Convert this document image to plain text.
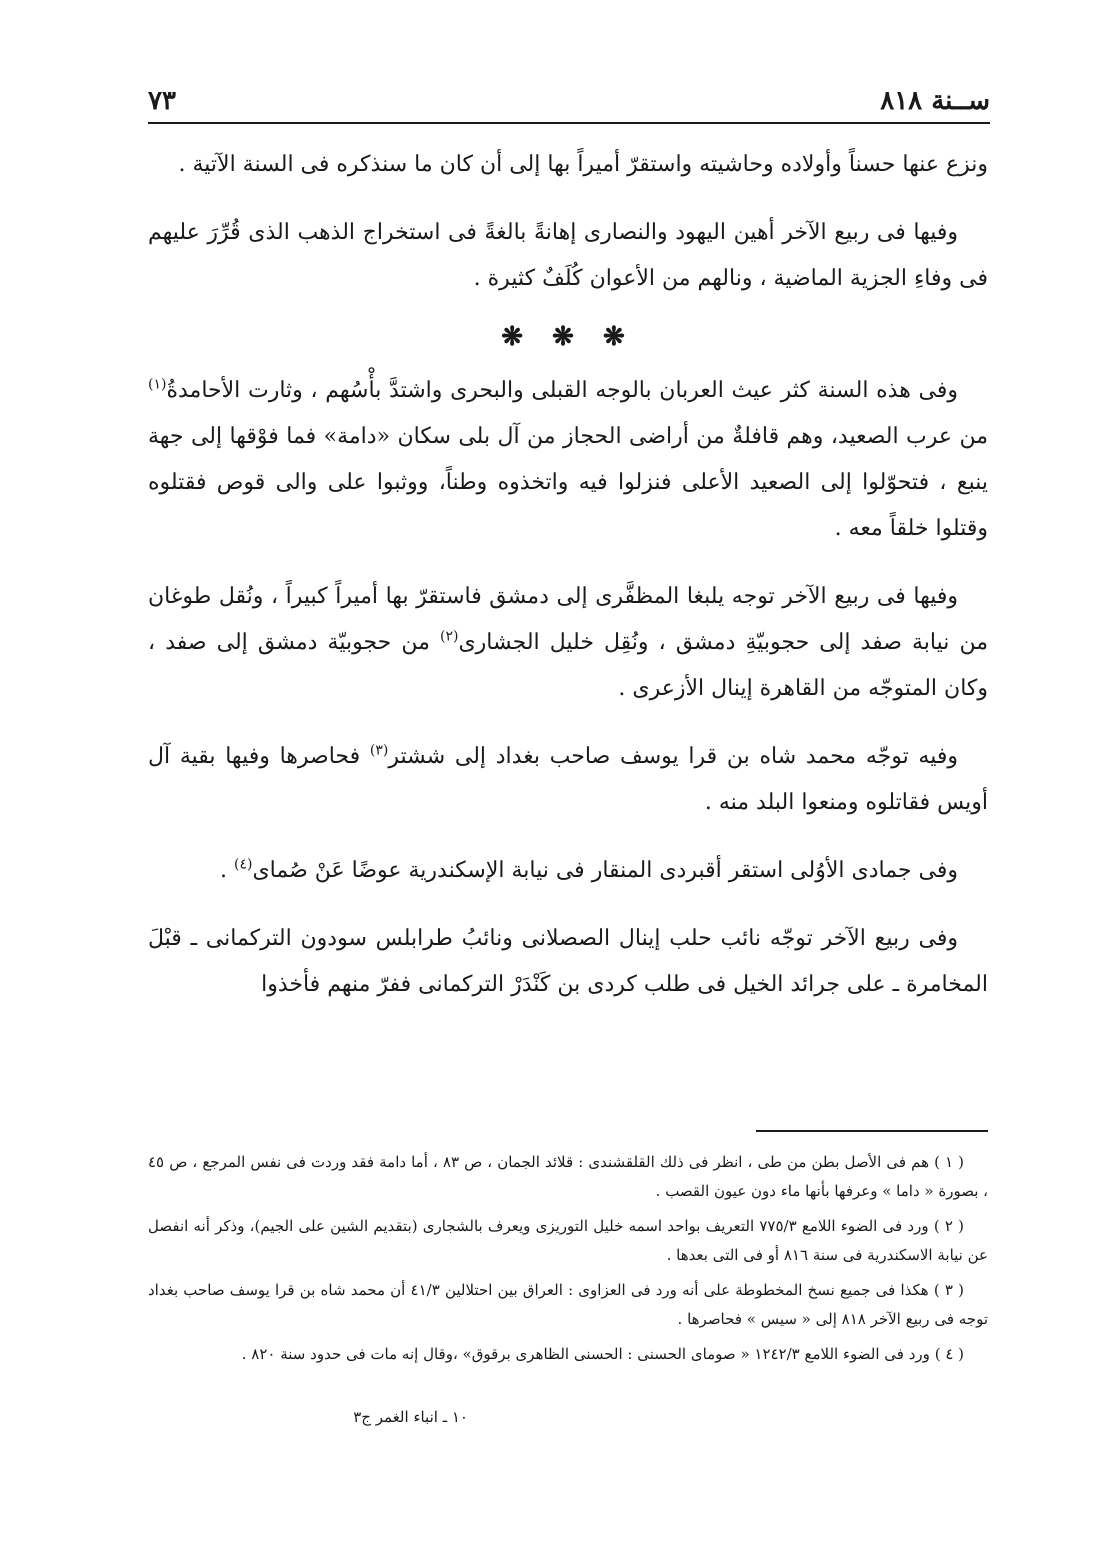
ســنة ٨١٨
٧٣

ونزع عنها حسناً وأولاده وحاشيته واستقرّ أميراً بها إلى أن كان ما سنذكره فى السنة الآتية .

وفيها فى ربيع الآخر أهين اليهود والنصارى إهانةً بالغةً فى استخراج الذهب الذى قُرِّرَ عليهم فى وفاءِ الجزية الماضية ، ونالهم من الأعوان كُلَفٌ كثيرة .

❋ ❋ ❋

وفى هذه السنة كثر عيث العربان بالوجه القبلى والبحرى واشتدَّ بأْسُهم ، وثارت الأحامدةُ$^{(١)}$ من عرب الصعيد، وهم قافلةٌ من أراضى الحجاز من آل بلى سكان «دامة» فما فوْقها إلى جهة ينبع ، فتحوّلوا إلى الصعيد الأعلى فنزلوا فيه واتخذوه وطناً، ووثبوا على والى قوص فقتلوه وقتلوا خلقاً معه .

وفيها فى ربيع الآخر توجه يلبغا المظفَّرى إلى دمشق فاستقرّ بها أميراً كبيراً ، ونُقل طوغان من نيابة صفد إلى حجوبيّةِ دمشق ، ونُقِل خليل الجشارى$^{(٢)}$ من حجوبيّة دمشق إلى صفد ، وكان المتوجّه من القاهرة إينال الأزعرى .

وفيه توجّه محمد شاه بن قرا يوسف صاحب بغداد إلى ششتر$^{(٣)}$ فحاصرها وفيها بقية آل أويس فقاتلوه ومنعوا البلد منه .

وفى جمادى الأوُلى استقر أقبردى المنقار فى نيابة الإسكندرية عوضًا عَنْ صُماى$^{(٤)}$ .

وفى ربيع الآخر توجّه نائب حلب إينال الصصلانى ونائبُ طرابلس سودون التركمانى ـ قبْلَ المخامرة ـ على جرائد الخيل فى طلب كردى بن كَنْدَرْ التركمانى ففرّ منهم فأخذوا

( ١ ) هم فى الأصل بطن من طى ، انظر فى ذلك القلقشندى : قلائد الجمان ، ص ٨٣ ، أما دامة فقد وردت فى نفس المرجع ، ص ٤٥ ، بصورة « داما » وعرفها بأنها ماء دون عيون القصب .

( ٢ ) ورد فى الضوء اللامع ٧٧٥/٣ التعريف بواحد اسمه خليل التوريزى ويعرف بالشجارى (بتقديم الشين على الجيم)، وذكر أنه انفصل عن نيابة الاسكندرية فى سنة ٨١٦ أو فى التى بعدها .

( ٣ ) هكذا فى جميع نسخ المخطوطة على أنه ورد فى العزاوى : العراق بين احتلالين ٤١/٣ أن محمد شاه بن قرا يوسف صاحب بغداد توجه فى ربيع الآخر ٨١٨ إلى « سيس » فحاصرها .

( ٤ ) ورد فى الضوء اللامع ١٢٤٢/٣ « صوماى الحسنى : الحسنى الظاهرى برقوق» ،وقال إنه مات فى حدود سنة ٨٢٠ .

١٠ ـ انباء الغمر ج٣
